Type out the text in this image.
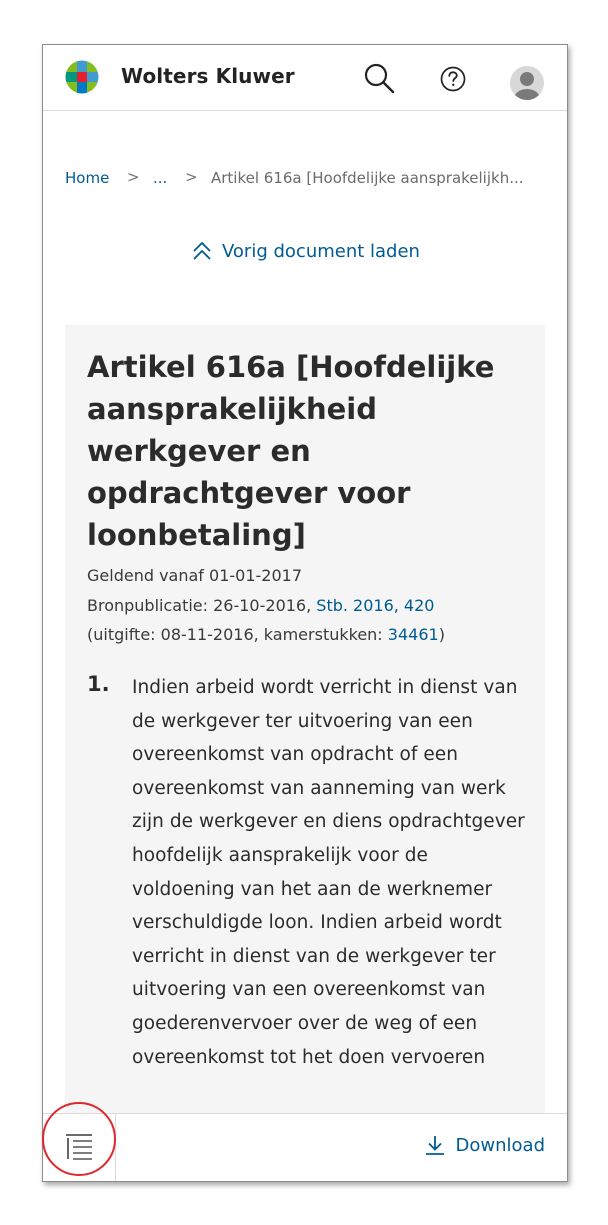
Wolters Kluwer
Home > ... > Artikel 616a [Hoofdelijke aansprakelijkh...
Vorig document laden
Artikel 616a [Hoofdelijke aansprakelijkheid werkgever en opdrachtgever voor loonbetaling]
Geldend vanaf 01-01-2017
Bronpublicatie: 26-10-2016, Stb. 2016, 420
(uitgifte: 08-11-2016, kamerstukken: 34461)
1. Indien arbeid wordt verricht in dienst van de werkgever ter uitvoering van een overeenkomst van opdracht of een overeenkomst van aanneming van werk zijn de werkgever en diens opdrachtgever hoofdelijk aansprakelijk voor de voldoening van het aan de werknemer verschuldigde loon. Indien arbeid wordt verricht in dienst van de werkgever ter uitvoering van een overeenkomst van goederenvervoer over de weg of een overeenkomst tot het doen vervoeren

Download
